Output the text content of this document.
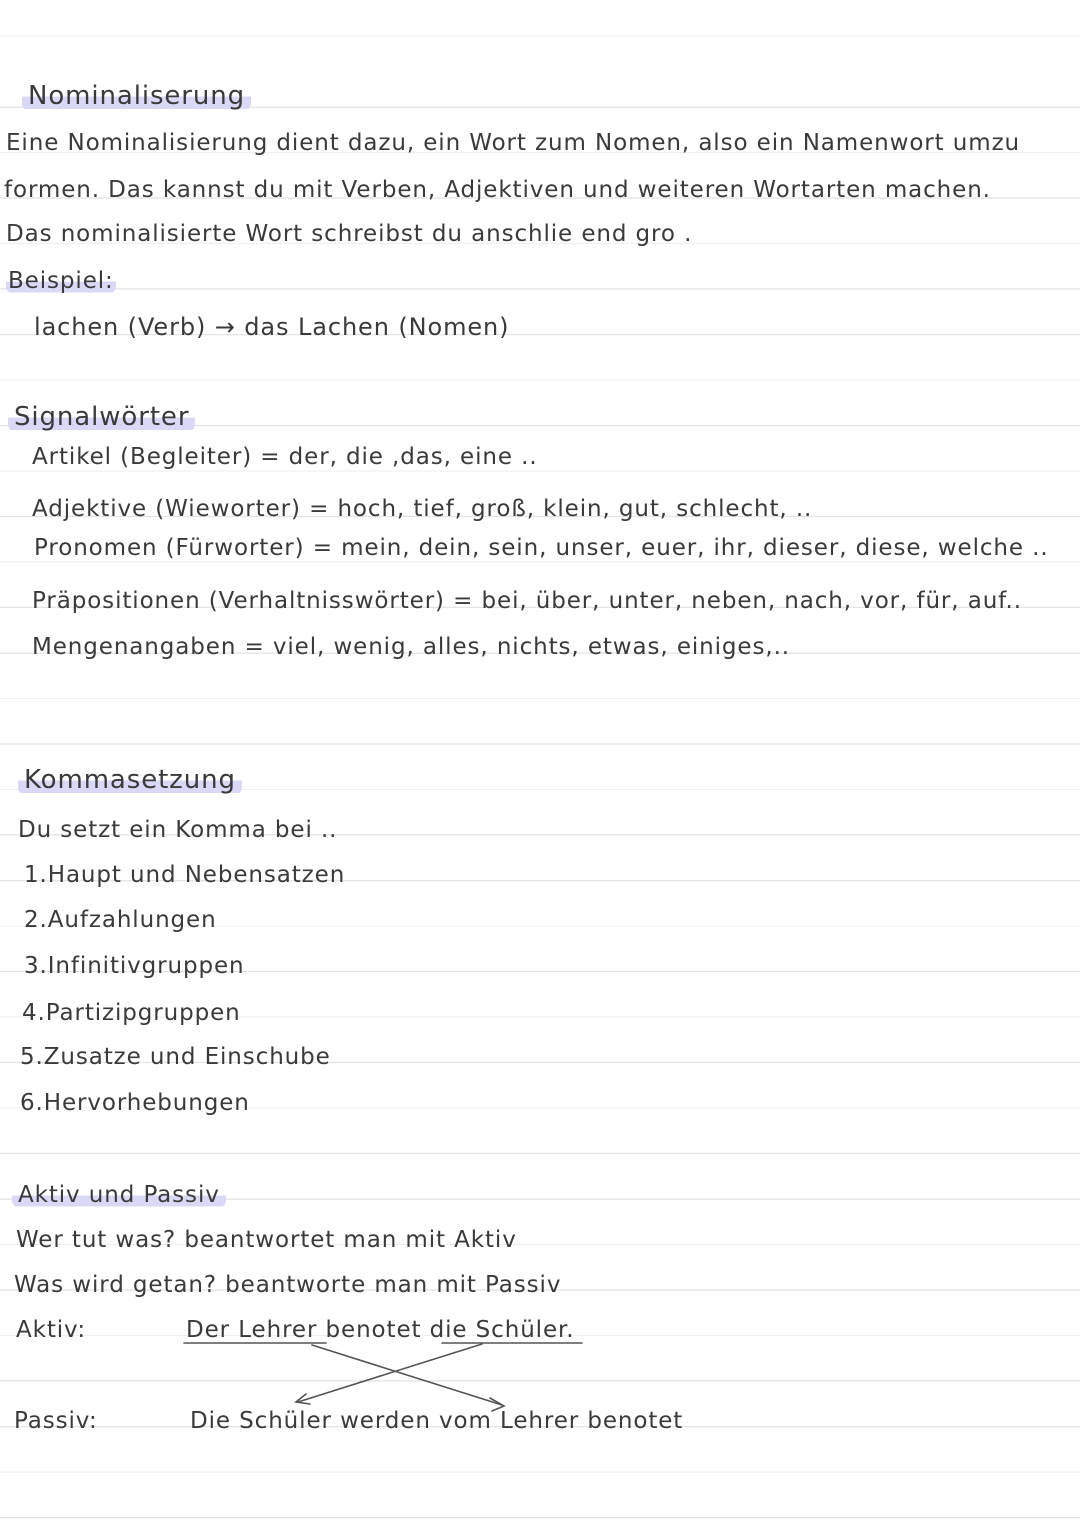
Nominaliserung
Eine Nominalisierung dient dazu, ein Wort zum Nomen, also ein Namenwort umzu
formen. Das kannst du mit Verben, Adjektiven und weiteren Wortarten machen.
Das nominalisierte Wort schreibst du anschlie end gro .
Beispiel:
lachen (Verb) → das Lachen (Nomen)
Signalwörter
Artikel (Begleiter) = der, die ,das, eine ..
Adjektive (Wieworter) = hoch, tief, groß, klein, gut, schlecht, ..
Pronomen (Fürworter) = mein, dein, sein, unser, euer, ihr, dieser, diese, welche ..
Präpositionen (Verhaltnisswörter) = bei, über, unter, neben, nach, vor, für, auf..
Mengenangaben = viel, wenig, alles, nichts, etwas, einiges,..
Kommasetzung
Du setzt ein Komma bei ..
1.Haupt und Nebensatzen
2.Aufzahlungen
3.Infinitivgruppen
4.Partizipgruppen
5.Zusatze und Einschube
6.Hervorhebungen
Aktiv und Passiv
Wer tut was? beantwortet man mit Aktiv
Was wird getan? beantworte man mit Passiv
Aktiv:	Der Lehrer benotet die Schüler.
Passiv:	Die Schüler werden vom Lehrer benotet
